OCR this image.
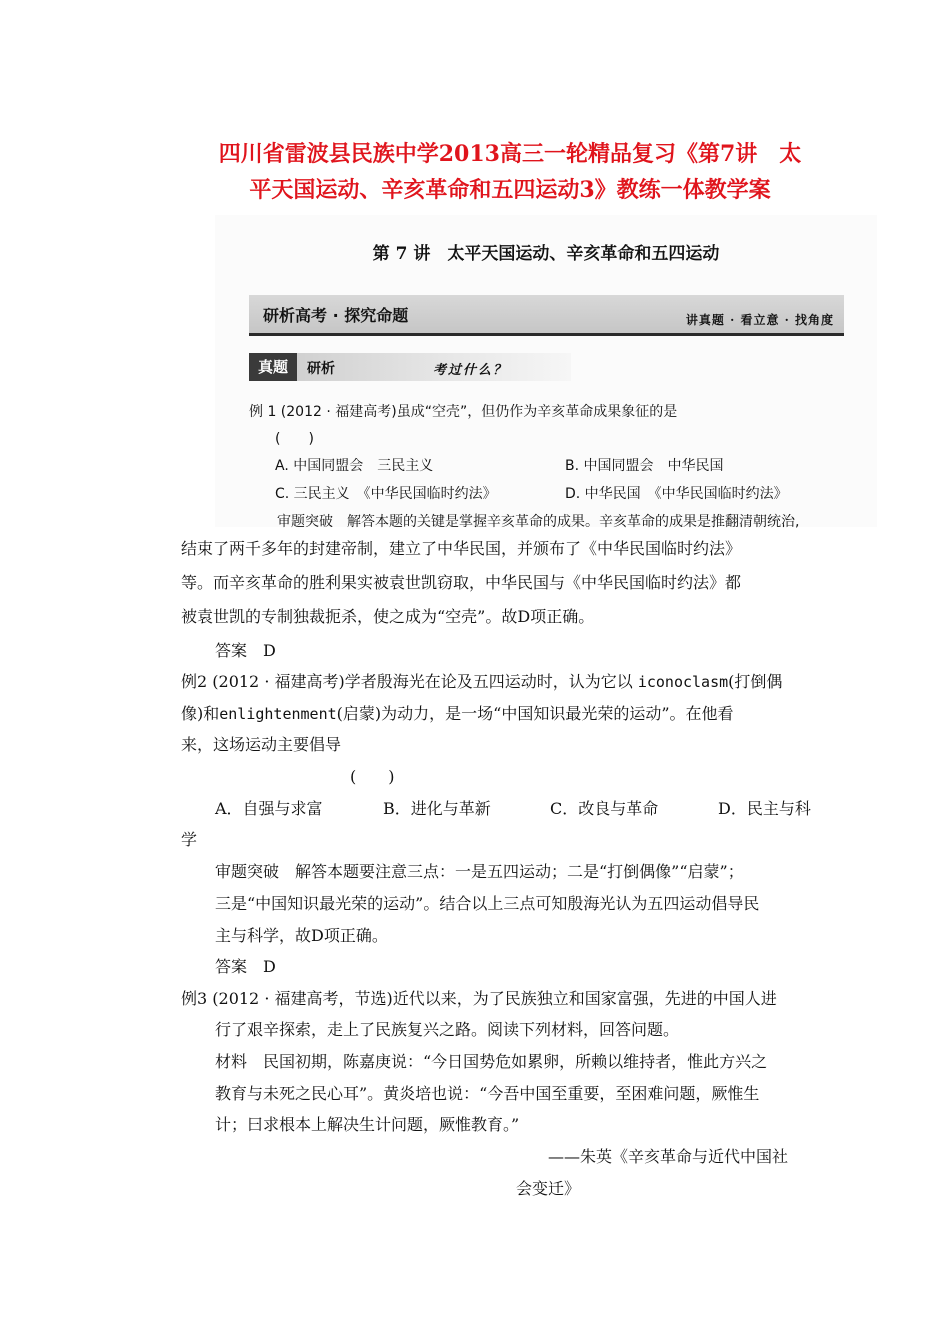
四川省雷波县民族中学2013高三一轮精品复习《第7讲　太
平天国运动、辛亥革命和五四运动3》教练一体教学案
第 7 讲　太平天国运动、辛亥革命和五四运动
研析高考 · 探究命题	讲真题 · 看立意 · 找角度
真题	研析	考过什么？
例 1 (2012 · 福建高考)虽成“空壳”，但仍作为辛亥革命成果象征的是
(　　)
A. 中国同盟会　三民主义	B. 中国同盟会　中华民国
C. 三民主义　《中华民国临时约法》	D. 中华民国　《中华民国临时约法》
审题突破　解答本题的关键是掌握辛亥革命的成果。辛亥革命的成果是推翻清朝统治,
结束了两千多年的封建帝制，建立了中华民国，并颁布了《中华民国临时约法》
等。而辛亥革命的胜利果实被袁世凯窃取，中华民国与《中华民国临时约法》都
被袁世凯的专制独裁扼杀，使之成为“空壳”。故D项正确。
答案　D
例2 (2012 · 福建高考)学者殷海光在论及五四运动时，认为它以 iconoclasm(打倒偶
像)和enlightenment(启蒙)为动力，是一场“中国知识最光荣的运动”。在他看
来，这场运动主要倡导
(　　)
A．自强与求富	B．进化与革新	C．改良与革命	D．民主与科
学
审题突破　解答本题要注意三点：一是五四运动；二是“打倒偶像”“启蒙”；
三是“中国知识最光荣的运动”。结合以上三点可知殷海光认为五四运动倡导民
主与科学，故D项正确。
答案　D
例3 (2012 · 福建高考，节选)近代以来，为了民族独立和国家富强，先进的中国人进
行了艰辛探索，走上了民族复兴之路。阅读下列材料，回答问题。
材料　民国初期，陈嘉庚说：“今日国势危如累卵，所赖以维持者，惟此方兴之
教育与未死之民心耳”。黄炎培也说：“今吾中国至重要，至困难问题，厥惟生
计；曰求根本上解决生计问题，厥惟教育。”
——朱英《辛亥革命与近代中国社
会变迁》
